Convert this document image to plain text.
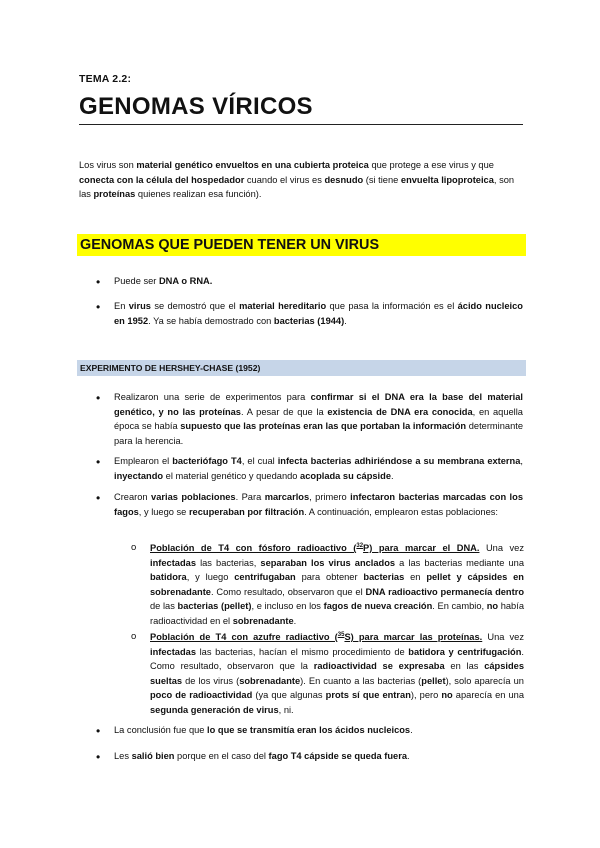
TEMA 2.2:
GENOMAS VÍRICOS
Los virus son material genético envueltos en una cubierta proteica que protege a ese virus y que conecta con la célula del hospedador cuando el virus es desnudo (si tiene envuelta lipoproteica, son las proteínas quienes realizan esa función).
GENOMAS QUE PUEDEN TENER UN VIRUS
• Puede ser DNA o RNA.
• En virus se demostró que el material hereditario que pasa la información es el ácido nucleico en 1952. Ya se había demostrado con bacterias (1944).
EXPERIMENTO DE HERSHEY-CHASE (1952)
• Realizaron una serie de experimentos para confirmar si el DNA era la base del material genético, y no las proteínas. A pesar de que la existencia de DNA era conocida, en aquella época se había supuesto que las proteínas eran las que portaban la información determinante para la herencia.
• Emplearon el bacteriófago T4, el cual infecta bacterias adhiriéndose a su membrana externa, inyectando el material genético y quedando acoplada su cápside.
• Crearon varias poblaciones. Para marcarlos, primero infectaron bacterias marcadas con los fagos, y luego se recuperaban por filtración. A continuación, emplearon estas poblaciones:
o Población de T4 con fósforo radioactivo ($^{32}$P) para marcar el DNA. Una vez infectadas las bacterias, separaban los virus anclados a las bacterias mediante una batidora, y luego centrifugaban para obtener bacterias en pellet y cápsides en sobrenadante. Como resultado, observaron que el DNA radioactivo permanecía dentro de las bacterias (pellet), e incluso en los fagos de nueva creación. En cambio, no había radioactividad en el sobrenadante.
o Población de T4 con azufre radiactivo ($^{35}$S) para marcar las proteínas. Una vez infectadas las bacterias, hacían el mismo procedimiento de batidora y centrifugación. Como resultado, observaron que la radioactividad se expresaba en las cápsides sueltas de los virus (sobrenadante). En cuanto a las bacterias (pellet), solo aparecía un poco de radioactividad (ya que algunas prots sí que entran), pero no aparecía en una segunda generación de virus, ni.
• La conclusión fue que lo que se transmitía eran los ácidos nucleicos.
• Les salió bien porque en el caso del fago T4 cápside se queda fuera.
